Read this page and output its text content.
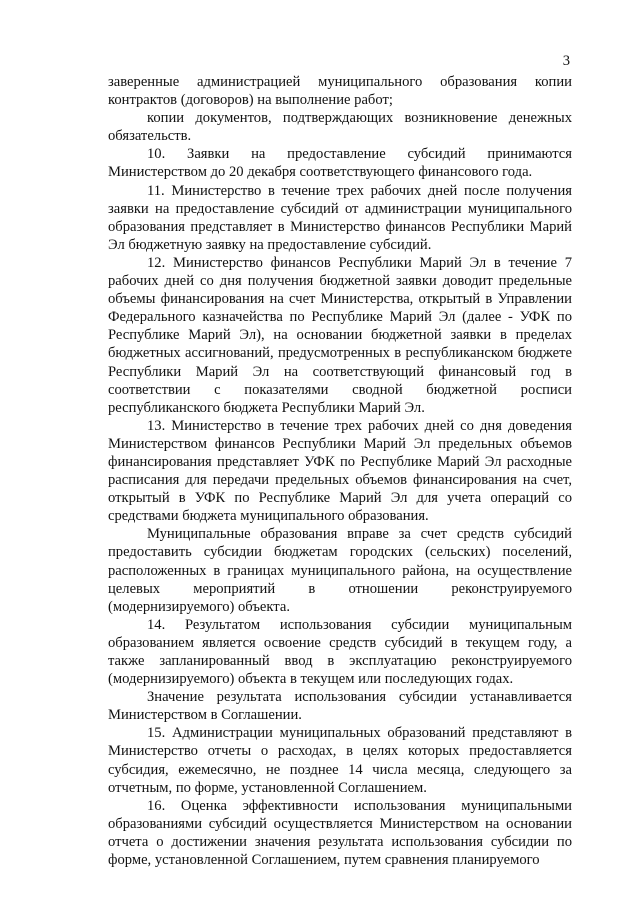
3

заверенные администрацией муниципального образования копии контрактов (договоров) на выполнение работ;

копии документов, подтверждающих возникновение денежных обязательств.

10. Заявки на предоставление субсидий принимаются Министерством до 20 декабря соответствующего финансового года.

11. Министерство в течение трех рабочих дней после получения заявки на предоставление субсидий от администрации муниципального образования представляет в Министерство финансов Республики Марий Эл бюджетную заявку на предоставление субсидий.

12. Министерство финансов Республики Марий Эл в течение 7 рабочих дней со дня получения бюджетной заявки доводит предельные объемы финансирования на счет Министерства, открытый в Управлении Федерального казначейства по Республике Марий Эл (далее - УФК по Республике Марий Эл), на основании бюджетной заявки в пределах бюджетных ассигнований, предусмотренных в республиканском бюджете Республики Марий Эл на соответствующий финансовый год в соответствии с показателями сводной бюджетной росписи республиканского бюджета Республики Марий Эл.

13. Министерство в течение трех рабочих дней со дня доведения Министерством финансов Республики Марий Эл предельных объемов финансирования представляет УФК по Республике Марий Эл расходные расписания для передачи предельных объемов финансирования на счет, открытый в УФК по Республике Марий Эл для учета операций со средствами бюджета муниципального образования.

Муниципальные образования вправе за счет средств субсидий предоставить субсидии бюджетам городских (сельских) поселений, расположенных в границах муниципального района, на осуществление целевых мероприятий в отношении реконструируемого (модернизируемого) объекта.

14. Результатом использования субсидии муниципальным образованием является освоение средств субсидий в текущем году, а также запланированный ввод в эксплуатацию реконструируемого (модернизируемого) объекта в текущем или последующих годах.

Значение результата использования субсидии устанавливается Министерством в Соглашении.

15. Администрации муниципальных образований представляют в Министерство отчеты о расходах, в целях которых предоставляется субсидия, ежемесячно, не позднее 14 числа месяца, следующего за отчетным, по форме, установленной Соглашением.

16. Оценка эффективности использования муниципальными образованиями субсидий осуществляется Министерством на основании отчета о достижении значения результата использования субсидии по форме, установленной Соглашением, путем сравнения планируемого
